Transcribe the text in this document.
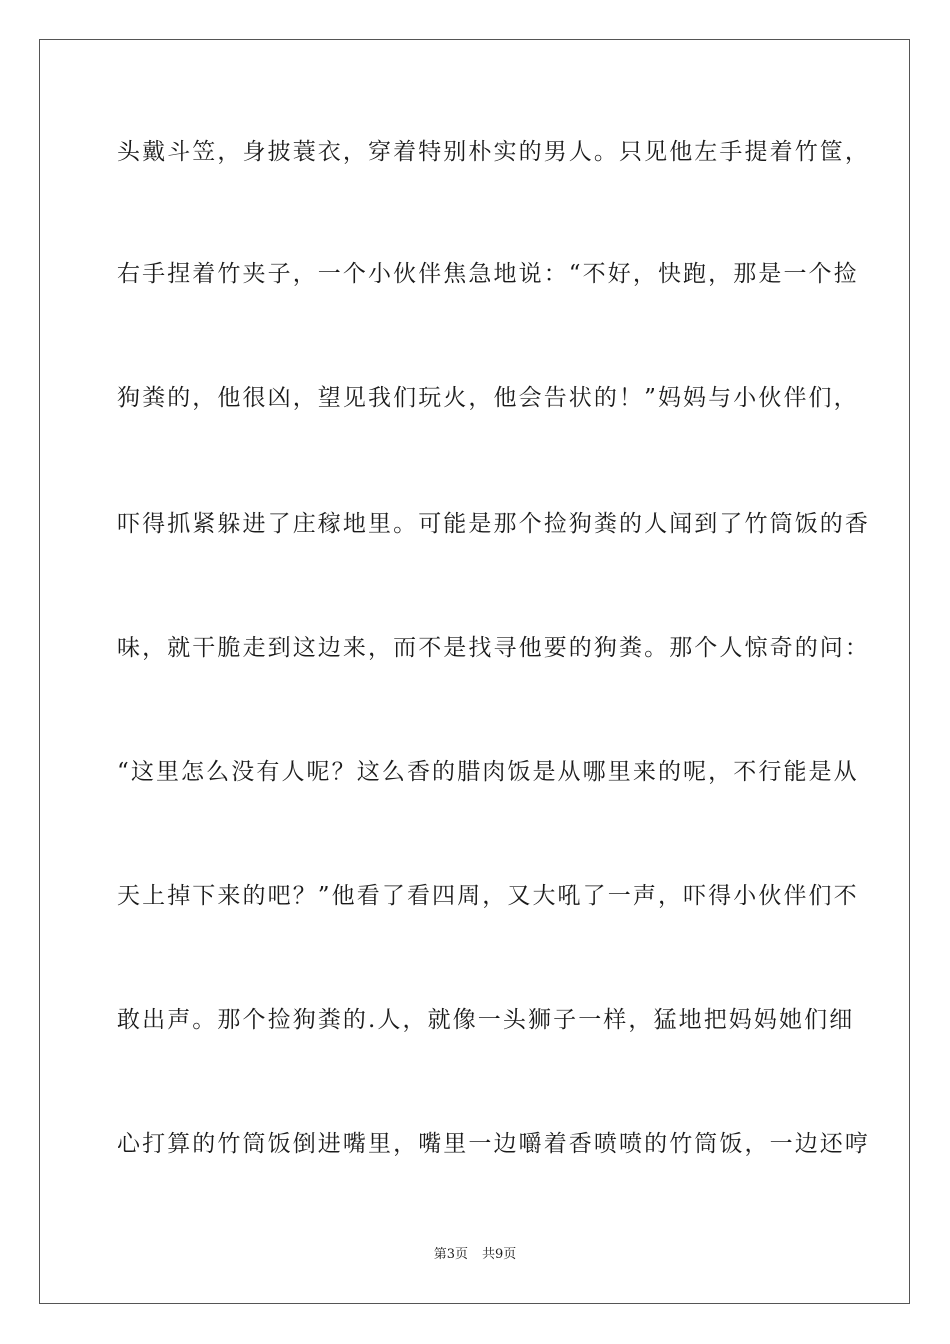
头戴斗笠，身披蓑衣，穿着特别朴实的男人。只见他左手提着竹筐，
右手捏着竹夹子，一个小伙伴焦急地说：“不好，快跑，那是一个捡
狗粪的，他很凶，望见我们玩火，他会告状的！”妈妈与小伙伴们，
吓得抓紧躲进了庄稼地里。可能是那个捡狗粪的人闻到了竹筒饭的香
味，就干脆走到这边来，而不是找寻他要的狗粪。那个人惊奇的问：
“这里怎么没有人呢？这么香的腊肉饭是从哪里来的呢，不行能是从
天上掉下来的吧？”他看了看四周，又大吼了一声，吓得小伙伴们不
敢出声。那个捡狗粪的.人，就像一头狮子一样，猛地把妈妈她们细
心打算的竹筒饭倒进嘴里，嘴里一边嚼着香喷喷的竹筒饭，一边还哼
第3页 共9页
